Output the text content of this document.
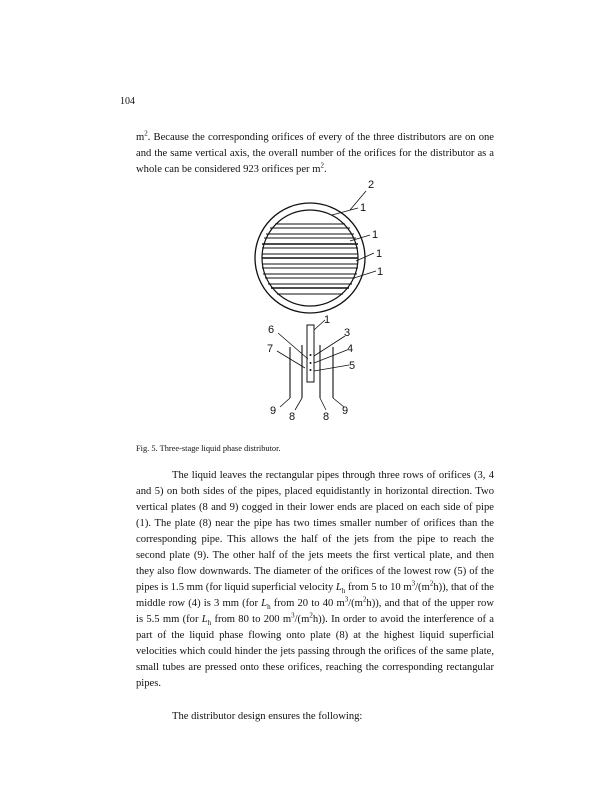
104

$m^2$. Because the corresponding orifices of every of the three distributors are on one and the same vertical axis, the overall number of the orifices for the distributor as a whole can be considered 923 orifices per $m^2$.

2
1
1
1
1
1
6
7
3
4
5
9 8	8 9
Fig. 5. Three-stage liquid phase distributor.

The liquid leaves the rectangular pipes through three rows of orifices (3, 4 and 5) on both sides of the pipes, placed equidistantly in horizontal direction. Two vertical plates (8 and 9) cogged in their lower ends are placed on each side of pipe (1). The plate (8) near the pipe has two times smaller number of orifices than the corresponding pipe. This allows the half of the jets from the pipe to reach the second plate (9). The other half of the jets meets the first vertical plate, and then they also flow downwards. The diameter of the orifices of the lowest row (5) of the pipes is 1.5 mm (for liquid superficial velocity $L_h$ from 5 to 10 $m^3/(m^2h)$), that of the middle row (4) is 3 mm (for $L_h$ from 20 to 40 $m^3/(m^2h)$), and that of the upper row is 5.5 mm (for $L_h$ from 80 to 200 $m^3/(m^2h)$). In order to avoid the interference of a part of the liquid phase flowing onto plate (8) at the highest liquid superficial velocities which could hinder the jets passing through the orifices of the same plate, small tubes are pressed onto these orifices, reaching the corresponding rectangular pipes.

The distributor design ensures the following:
